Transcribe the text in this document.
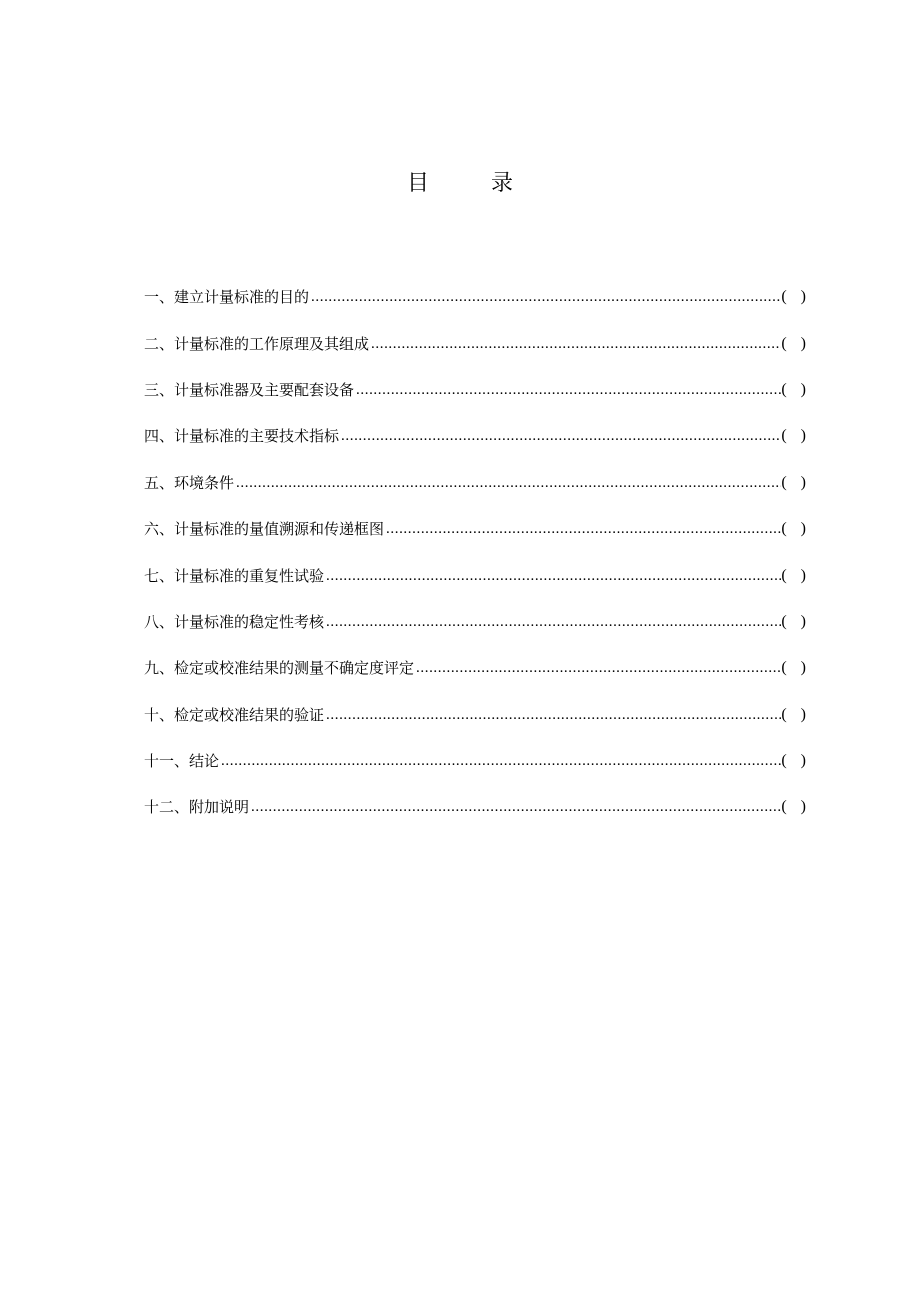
目录
一、建立计量标准的目的 .....	( )
二、计量标准的工作原理及其组成 .....	( )
三、计量标准器及主要配套设备 .....	( )
四、计量标准的主要技术指标 .....	( )
五、环境条件 .....	( )
六、计量标准的量值溯源和传递框图 .....	( )
七、计量标准的重复性试验 .....	( )
八、计量标准的稳定性考核 .....	( )
九、检定或校准结果的测量不确定度评定 .....	( )
十、检定或校准结果的验证 .....	( )
十一、结论 .....	( )
十二、附加说明 .....	( )
